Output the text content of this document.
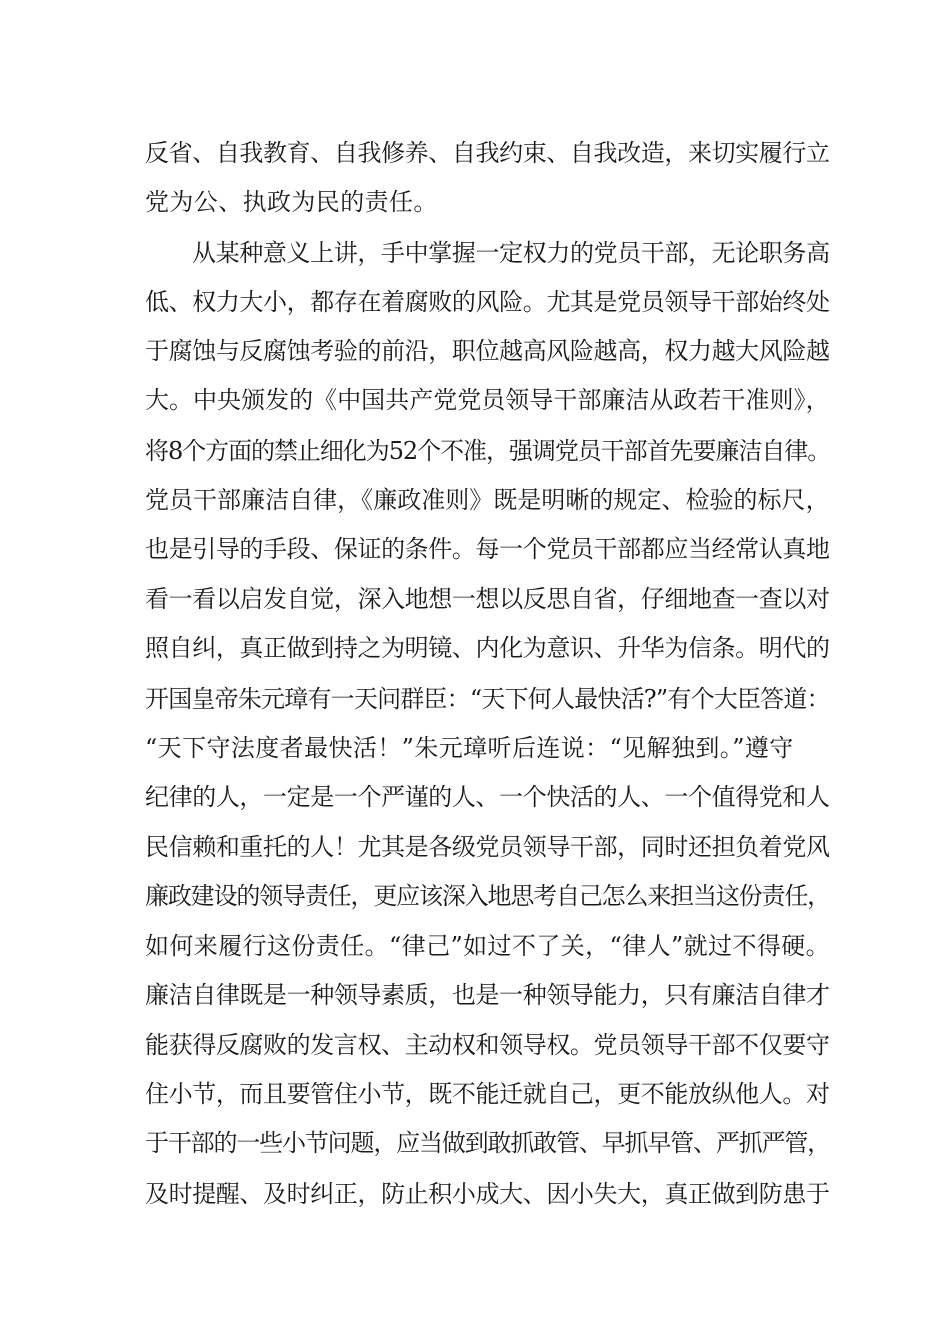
反省、自我教育、自我修养、自我约束、自我改造，来切实履行立
党为公、执政为民的责任。
从某种意义上讲，手中掌握一定权力的党员干部，无论职务高
低、权力大小，都存在着腐败的风险。尤其是党员领导干部始终处
于腐蚀与反腐蚀考验的前沿，职位越高风险越高，权力越大风险越
大。中央颁发的《中国共产党党员领导干部廉洁从政若干准则》，
将8个方面的禁止细化为52个不准，强调党员干部首先要廉洁自律。
党员干部廉洁自律，《廉政准则》既是明晰的规定、检验的标尺，
也是引导的手段、保证的条件。每一个党员干部都应当经常认真地
看一看以启发自觉，深入地想一想以反思自省，仔细地查一查以对
照自纠，真正做到持之为明镜、内化为意识、升华为信条。明代的
开国皇帝朱元璋有一天问群臣：“天下何人最快活?”有个大臣答道：
“天下守法度者最快活！”朱元璋听后连说：“见解独到。”遵守
纪律的人，一定是一个严谨的人、一个快活的人、一个值得党和人
民信赖和重托的人！尤其是各级党员领导干部，同时还担负着党风
廉政建设的领导责任，更应该深入地思考自己怎么来担当这份责任，
如何来履行这份责任。“律己”如过不了关，“律人”就过不得硬。
廉洁自律既是一种领导素质，也是一种领导能力，只有廉洁自律才
能获得反腐败的发言权、主动权和领导权。党员领导干部不仅要守
住小节，而且要管住小节，既不能迁就自己，更不能放纵他人。对
于干部的一些小节问题，应当做到敢抓敢管、早抓早管、严抓严管，
及时提醒、及时纠正，防止积小成大、因小失大，真正做到防患于
